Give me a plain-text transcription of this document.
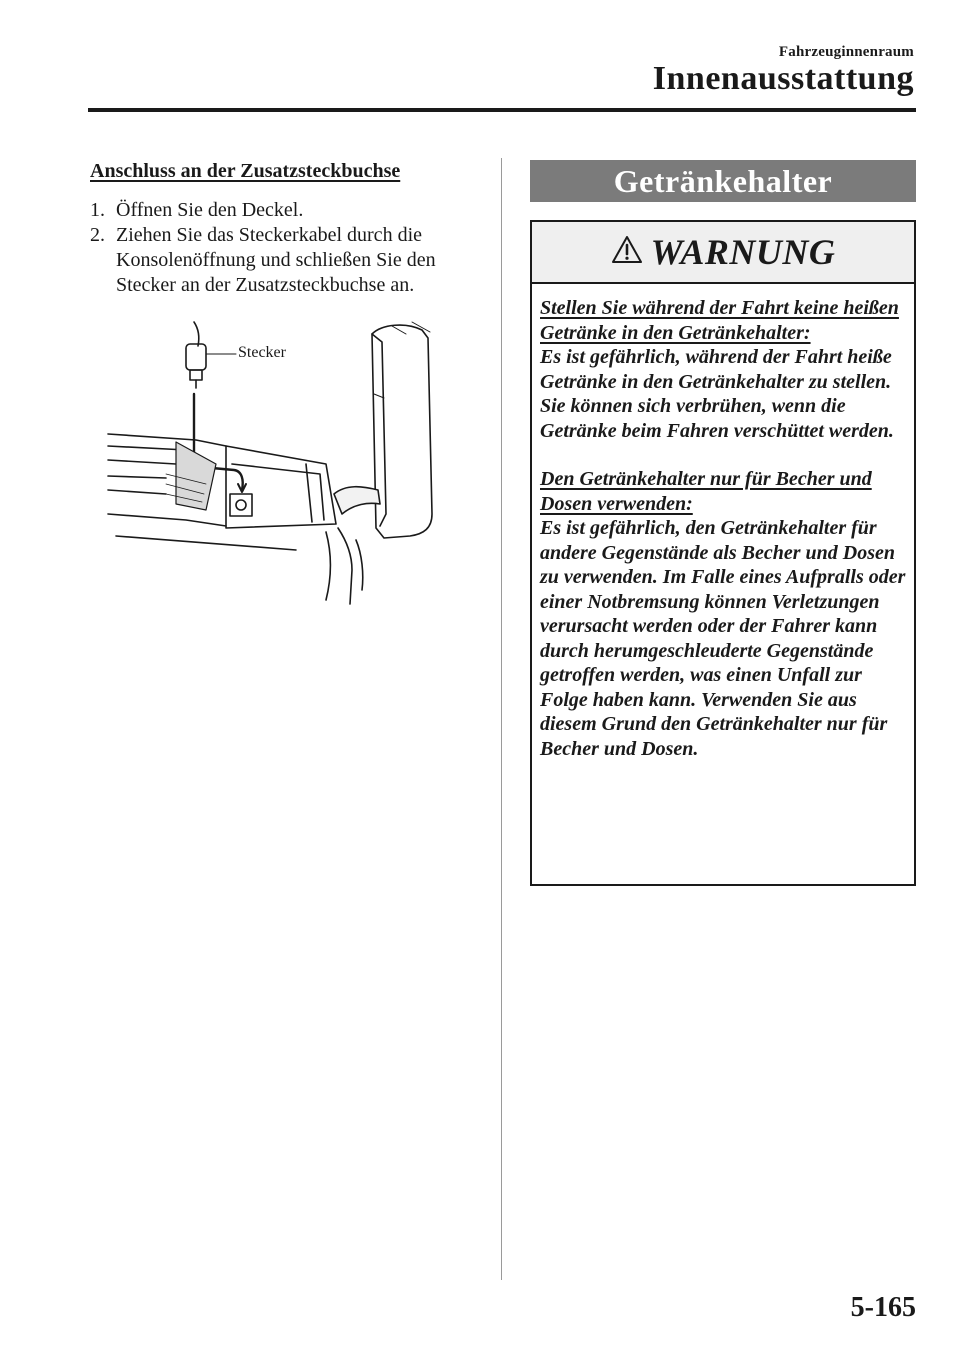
Fahrzeuginnenraum
Innenausstattung
Anschluss an der Zusatzsteckbuchse
1. Öffnen Sie den Deckel.
2. Ziehen Sie das Steckerkabel durch die Konsolenöffnung und schließen Sie den Stecker an der Zusatzsteckbuchse an.
Stecker
Getränkehalter
WARNUNG
Stellen Sie während der Fahrt keine heißen Getränke in den Getränkehalter:
Es ist gefährlich, während der Fahrt heiße Getränke in den Getränkehalter zu stellen. Sie können sich verbrühen, wenn die Getränke beim Fahren verschüttet werden.
Den Getränkehalter nur für Becher und Dosen verwenden:
Es ist gefährlich, den Getränkehalter für andere Gegenstände als Becher und Dosen zu verwenden. Im Falle eines Aufpralls oder einer Notbremsung können Verletzungen verursacht werden oder der Fahrer kann durch herumgeschleuderte Gegenstände getroffen werden, was einen Unfall zur Folge haben kann. Verwenden Sie aus diesem Grund den Getränkehalter nur für Becher und Dosen.
5-165
